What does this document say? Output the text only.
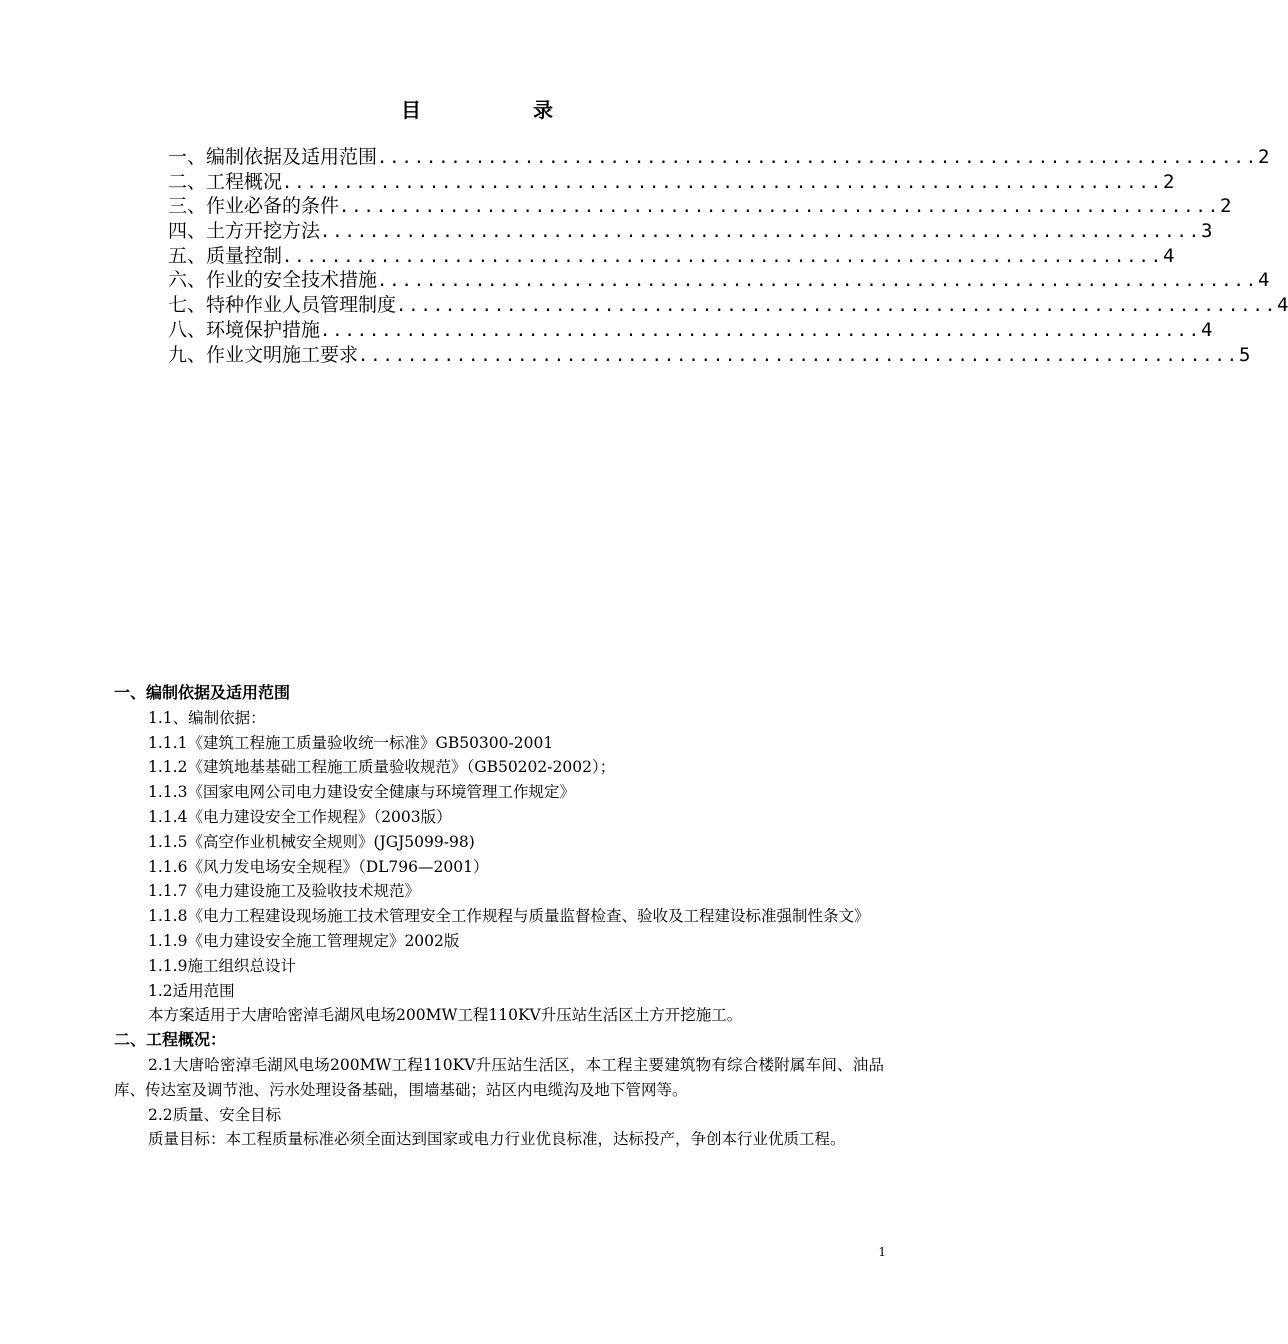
目　录
一、编制依据及适用范围 ........................................................................ 2
二、工程概况 ........................................................................ 2
三、作业必备的条件 ........................................................................ 2
四、土方开挖方法 ........................................................................ 3
五、质量控制 ........................................................................ 4
六、作业的安全技术措施 ........................................................................ 4
七、特种作业人员管理制度 ........................................................................ 4
八、环境保护措施 ........................................................................ 4
九、作业文明施工要求 ........................................................................ 5
一、编制依据及适用范围
1.1、编制依据：
1.1.1《建筑工程施工质量验收统一标准》GB50300-2001
1.1.2《建筑地基基础工程施工质量验收规范》（GB50202-2002）；
1.1.3《国家电网公司电力建设安全健康与环境管理工作规定》
1.1.4《电力建设安全工作规程》（2003版）
1.1.5《高空作业机械安全规则》(JGJ5099-98)
1.1.6《风力发电场安全规程》（DL796—2001）
1.1.7《电力建设施工及验收技术规范》
1.1.8《电力工程建设现场施工技术管理安全工作规程与质量监督检查、验收及工程建设标准强制性条文》
1.1.9《电力建设安全施工管理规定》2002版
1.1.9施工组织总设计
1.2适用范围
本方案适用于大唐哈密淖毛湖风电场200MW工程110KV升压站生活区土方开挖施工。
二、工程概况：
2.1大唐哈密淖毛湖风电场200MW工程110KV升压站生活区，本工程主要建筑物有综合楼附属车间、油品库、传达室及调节池、污水处理设备基础，围墙基础；站区内电缆沟及地下管网等。
2.2质量、安全目标
质量目标：本工程质量标准必须全面达到国家或电力行业优良标准，达标投产，争创本行业优质工程。
1
